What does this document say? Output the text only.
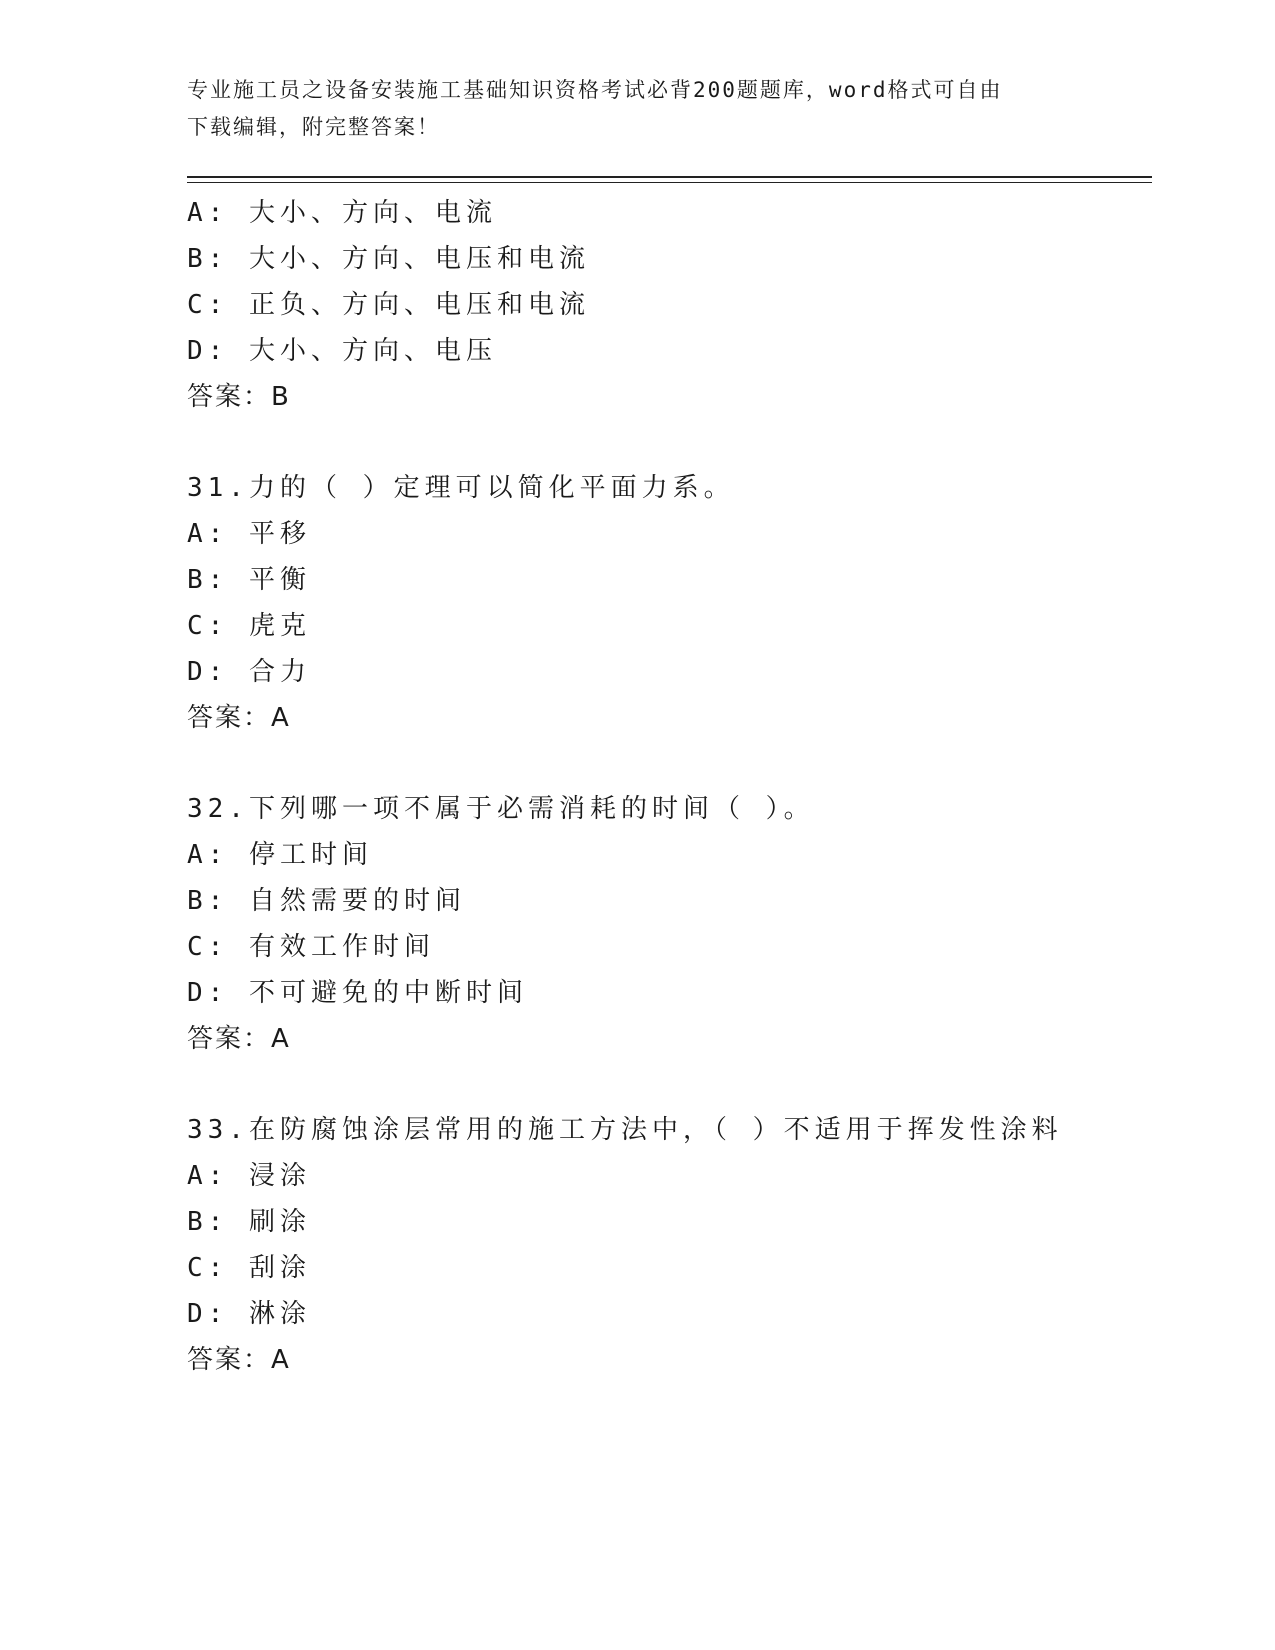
专业施工员之设备安装施工基础知识资格考试必背200题题库，word格式可自由
下载编辑，附完整答案！
A: 大小、方向、电流
B: 大小、方向、电压和电流
C: 正负、方向、电压和电流
D: 大小、方向、电压
答案：B
31.力的（ ）定理可以简化平面力系。
A: 平移
B: 平衡
C: 虎克
D: 合力
答案：A
32.下列哪一项不属于必需消耗的时间（ ）。
A: 停工时间
B: 自然需要的时间
C: 有效工作时间
D: 不可避免的中断时间
答案：A
33.在防腐蚀涂层常用的施工方法中，（ ）不适用于挥发性涂料
A: 浸涂
B: 刷涂
C: 刮涂
D: 淋涂
答案：A
